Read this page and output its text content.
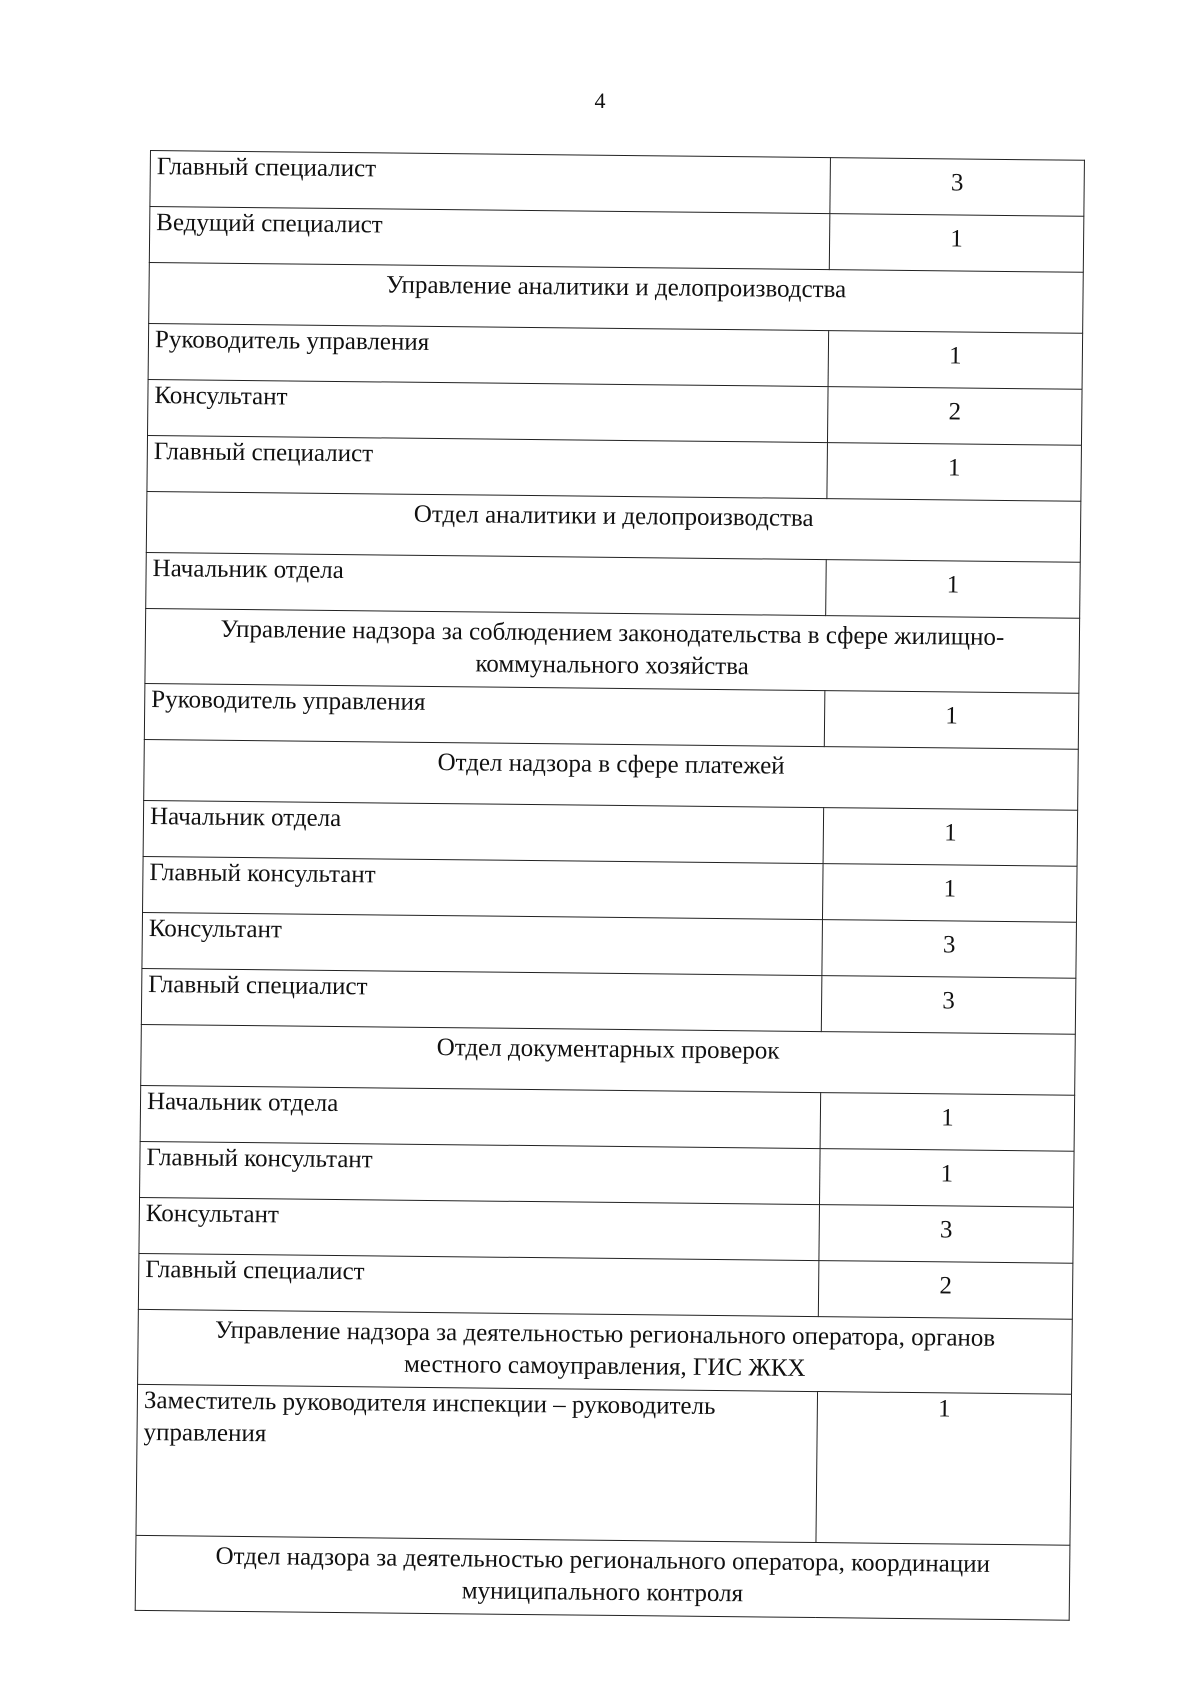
4
Главный специалист	3
Ведущий специалист	1
Управление аналитики и делопроизводства	
Руководитель управления	1
Консультант	2
Главный специалист	1
Отдел аналитики и делопроизводства	
Начальник отдела	1
Управление надзора за соблюдением законодательства в сфере жилищно-коммунального хозяйства	
Руководитель управления	1
Отдел надзора в сфере платежей	
Начальник отдела	1
Главный консультант	1
Консультант	3
Главный специалист	3
Отдел документарных проверок	
Начальник отдела	1
Главный консультант	1
Консультант	3
Главный специалист	2
Управление надзора за деятельностью регионального оператора, органов местного самоуправления, ГИС ЖКХ	
Заместитель руководителя инспекции – руководитель управления	1
Отдел надзора за деятельностью регионального оператора, координации муниципального контроля	
